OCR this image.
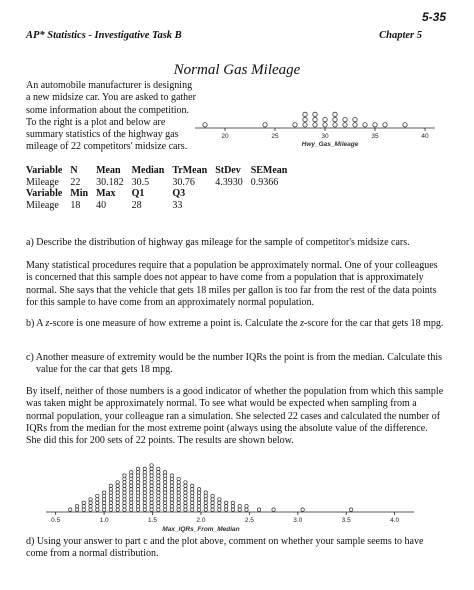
5-35
AP* Statistics - Investigative Task B	Chapter 5
Normal Gas Mileage
An automobile manufacturer is designing a new midsize car. You are asked to gather some information about the competition. To the right is a plot and below are summary statistics of the highway gas mileage of 22 competitors' midsize cars.
20	25	30	35	40
Hwy_Gas_Mileage
Variable	N	Mean	Median	TrMean	StDev	SEMean
Mileage	22	30.182	30.5	30.76	4.3930	0.9366
Variable	Min	Max	Q1	Q3		
Mileage	18	40	28	33		

a) Describe the distribution of highway gas mileage for the sample of competitor's midsize cars.

Many statistical procedures require that a population be approximately normal. One of your colleagues is concerned that this sample does not appear to have come from a population that is approximately normal. She says that the vehicle that gets 18 miles per gallon is too far from the rest of the data points for this sample to have come from an approximately normal population.

b) A z-score is one measure of how extreme a point is. Calculate the z-score for the car that gets 18 mpg.

c) Another measure of extremity would be the number IQRs the point is from the median. Calculate this value for the car that gets 18 mpg.

By itself, neither of those numbers is a good indicator of whether the population from which this sample was taken might be approximately normal. To see what would be expected when sampling from a normal population, your colleague ran a simulation. She selected 22 cases and calculated the number of IQRs from the median for the most extreme point (always using the absolute value of the difference. She did this for 200 sets of 22 points. The results are shown below.

0.5	1.0	1.5	2.0	2.5	3.0	3.5	4.0
Max_IQRs_From_Median

d) Using your answer to part c and the plot above, comment on whether your sample seems to have come from a normal distribution.
